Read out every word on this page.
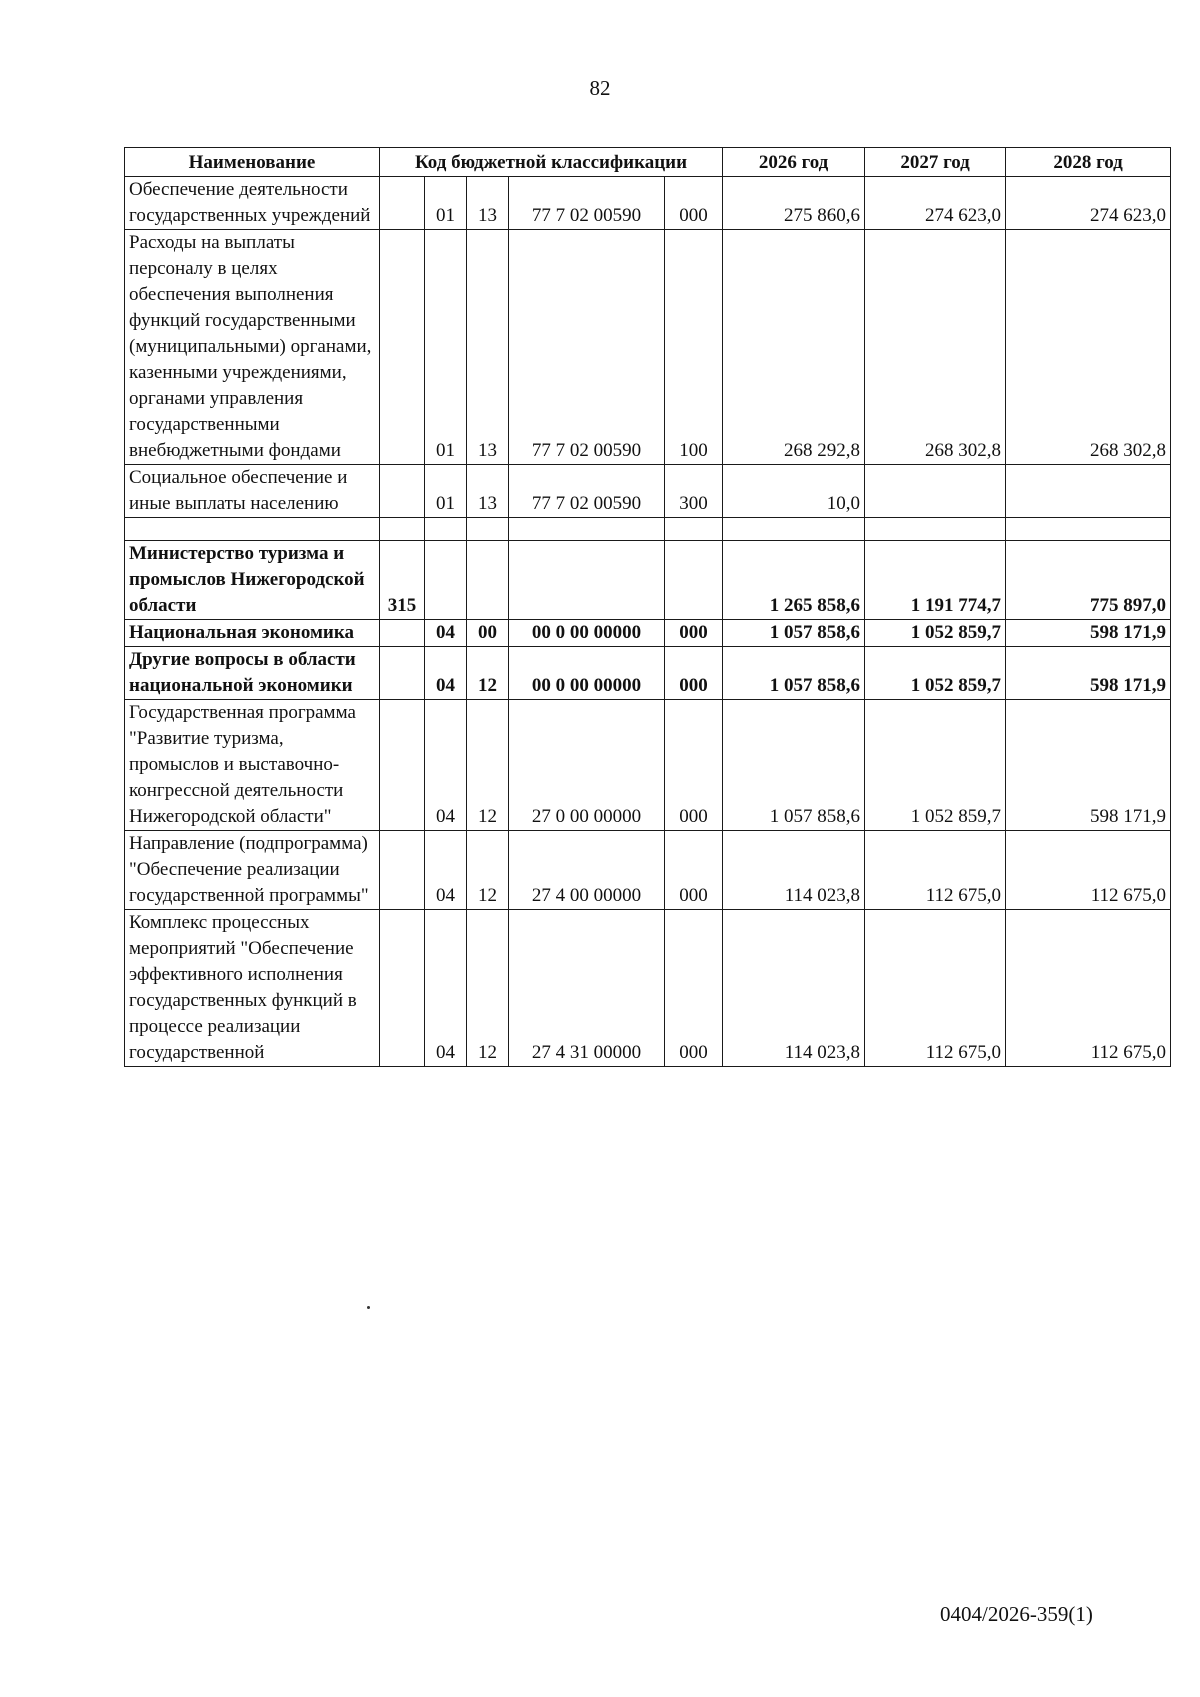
82
Наименование	Код бюджетной классификации					2026 год	2027 год	2028 год
Обеспечение деятельности государственных учреждений		01	13	77 7 02 00590	000	275 860,6	274 623,0	274 623,0
Расходы на выплаты персоналу в целях обеспечения выполнения функций государственными (муниципальными) органами, казенными учреждениями, органами управления государственными внебюджетными фондами		01	13	77 7 02 00590	100	268 292,8	268 302,8	268 302,8
Социальное обеспечение и иные выплаты населению		01	13	77 7 02 00590	300	10,0		

Министерство туризма и промыслов Нижегородской области	315					1 265 858,6	1 191 774,7	775 897,0
Национальная экономика		04	00	00 0 00 00000	000	1 057 858,6	1 052 859,7	598 171,9
Другие вопросы в области национальной экономики		04	12	00 0 00 00000	000	1 057 858,6	1 052 859,7	598 171,9
Государственная программа "Развитие туризма, промыслов и выставочно-конгрессной деятельности Нижегородской области"		04	12	27 0 00 00000	000	1 057 858,6	1 052 859,7	598 171,9
Направление (подпрограмма) "Обеспечение реализации государственной программы"		04	12	27 4 00 00000	000	114 023,8	112 675,0	112 675,0
Комплекс процессных мероприятий "Обеспечение эффективного исполнения государственных функций в процессе реализации государственной		04	12	27 4 31 00000	000	114 023,8	112 675,0	112 675,0
0404/2026-359(1)
